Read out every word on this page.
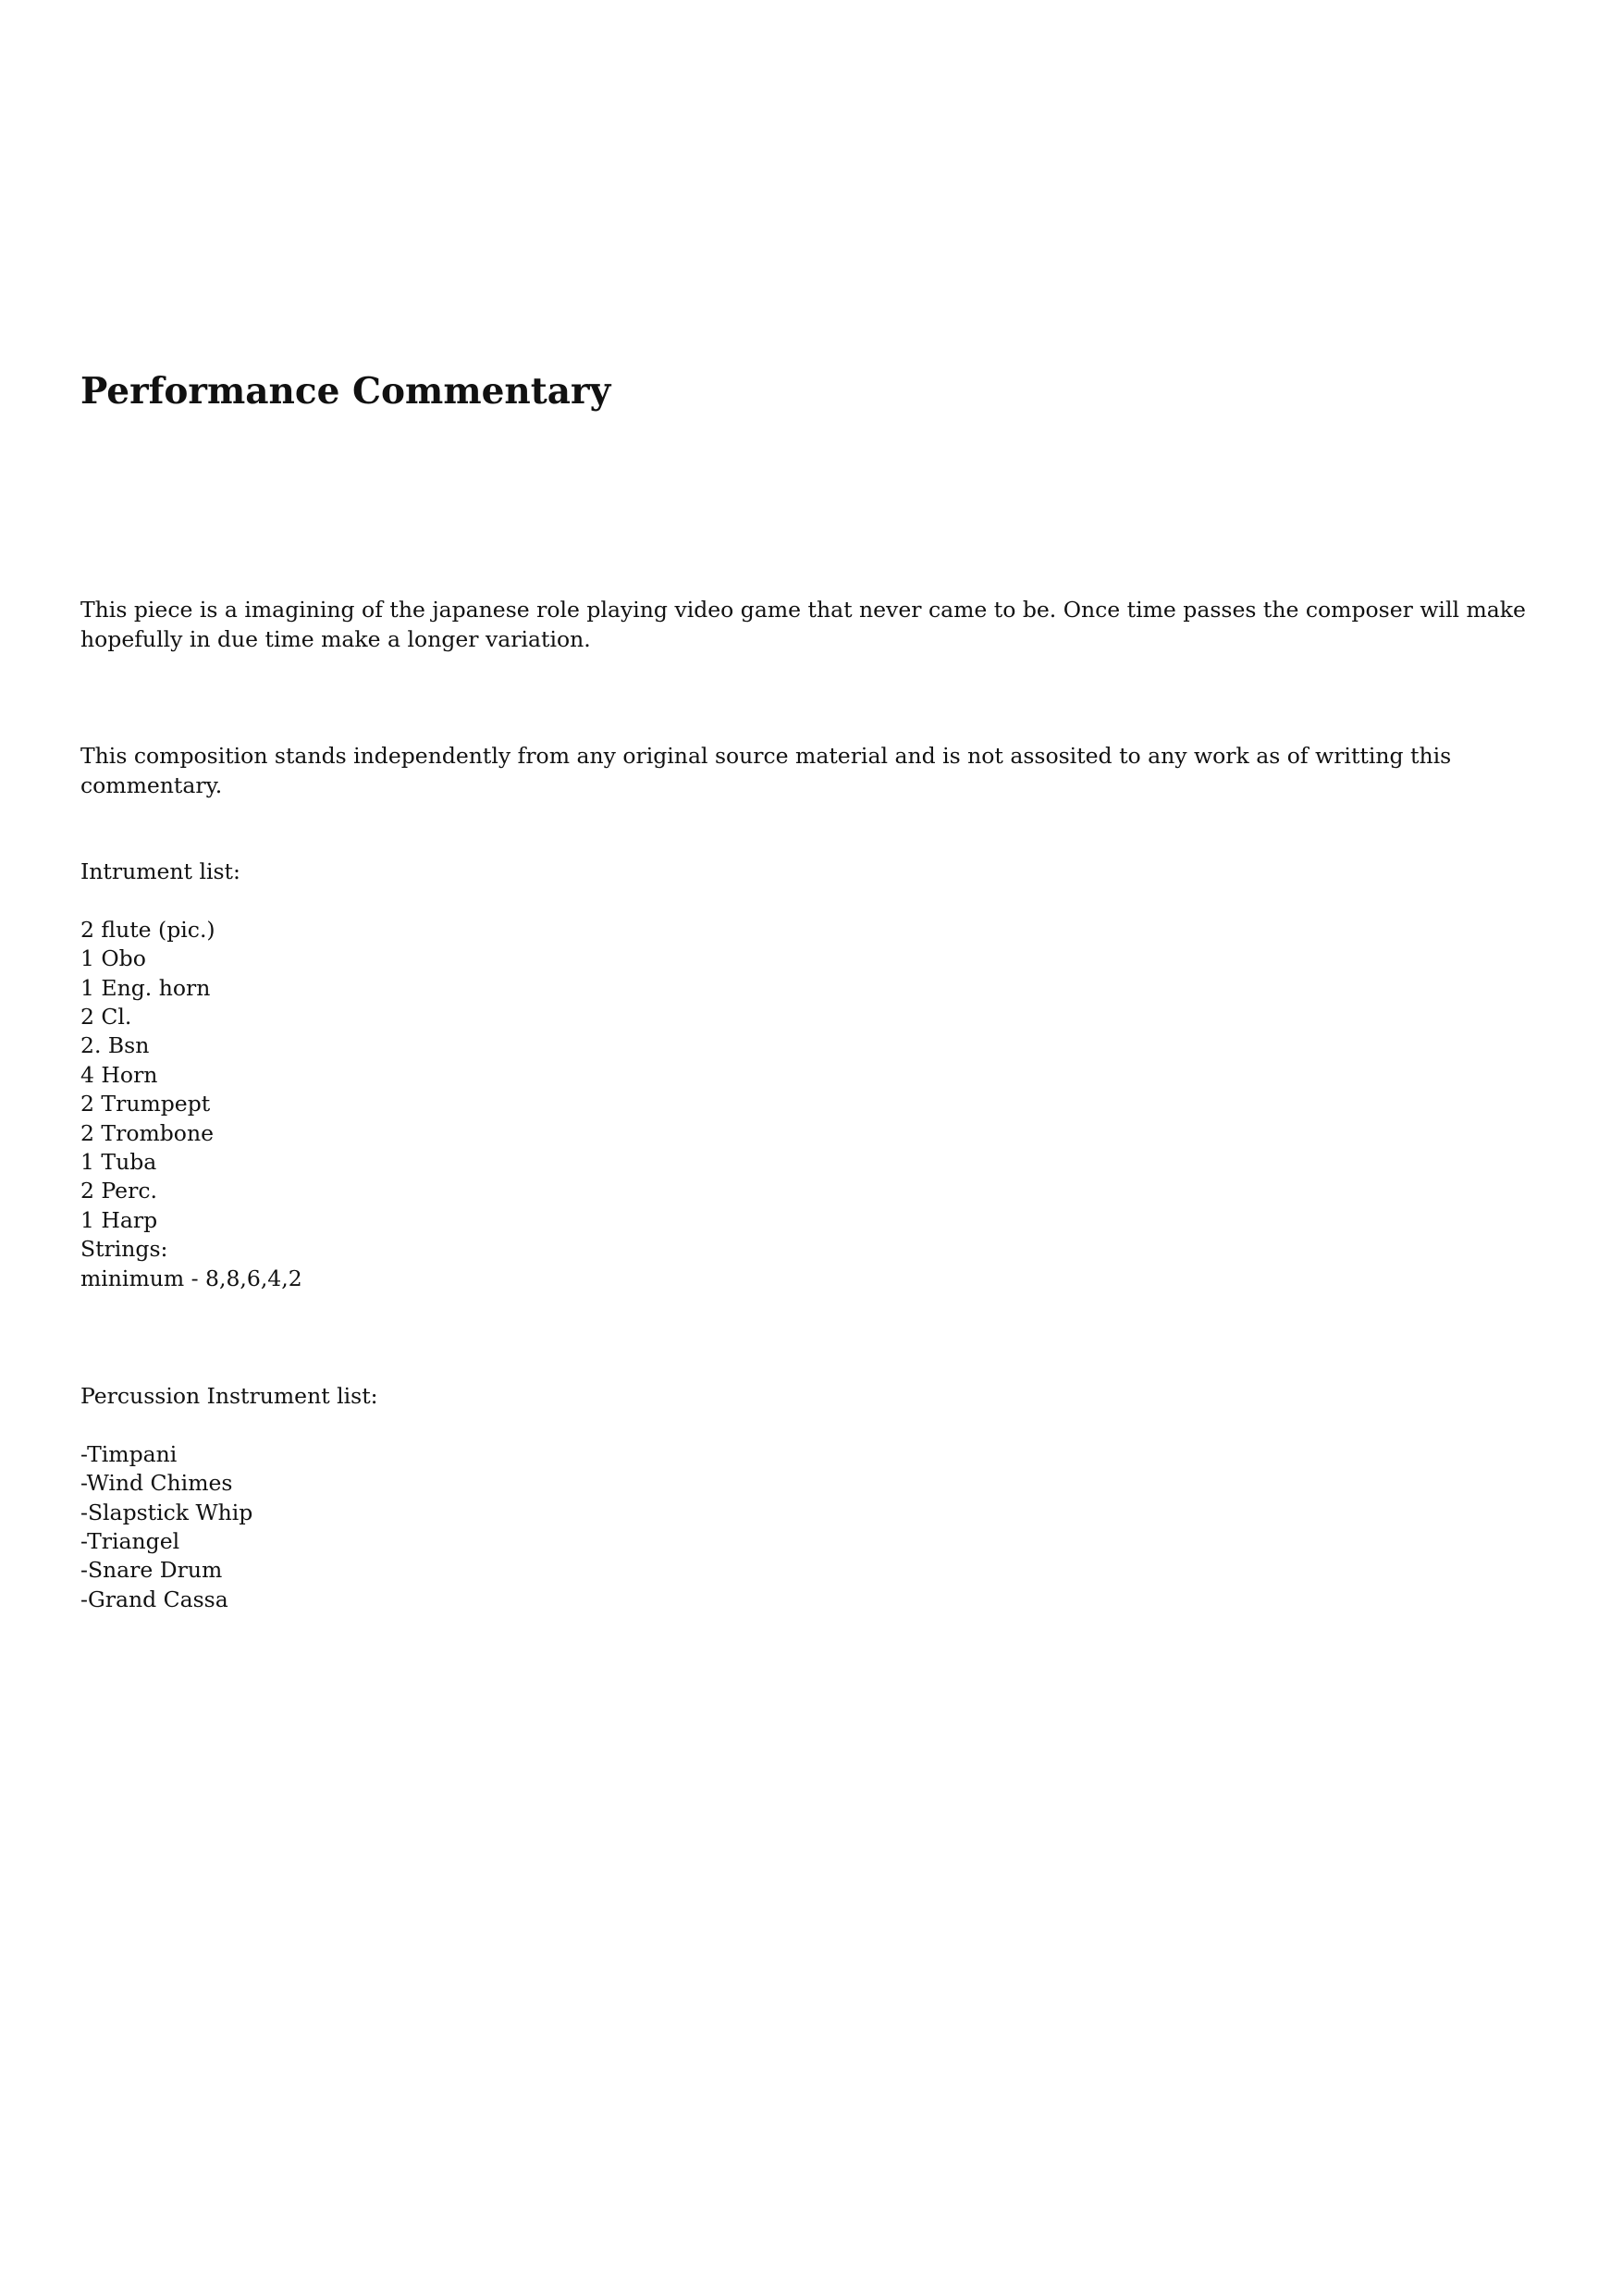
Performance Commentary

This piece is a imagining of the japanese role playing video game that never came to be. Once time passes the composer will make hopefully in due time make a longer variation.

This composition stands independently from any original source material and is not assosited to any work as of writting this commentary.

Intrument list:

2 flute (pic.)
1 Obo
1 Eng. horn
2 Cl.
2. Bsn
4 Horn
2 Trumpept
2 Trombone
1 Tuba
2 Perc.
1 Harp
Strings:
minimum - 8,8,6,4,2

Percussion Instrument list:

-Timpani
-Wind Chimes
-Slapstick Whip
-Triangel
-Snare Drum
-Grand Cassa
